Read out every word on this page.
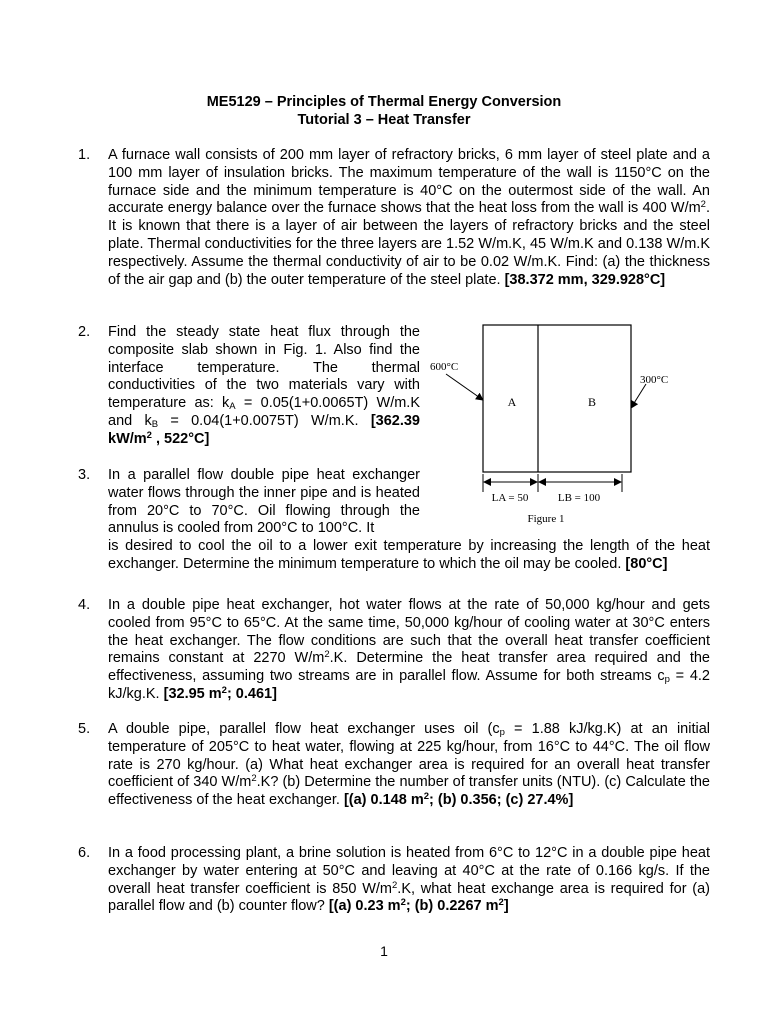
ME5129 – Principles of Thermal Energy Conversion
Tutorial 3 – Heat Transfer
1. A furnace wall consists of 200 mm layer of refractory bricks, 6 mm layer of steel plate and a 100 mm layer of insulation bricks. The maximum temperature of the wall is 1150°C on the furnace side and the minimum temperature is 40°C on the outermost side of the wall. An accurate energy balance over the furnace shows that the heat loss from the wall is 400 $W/m^2$. It is known that there is a layer of air between the layers of refractory bricks and the steel plate. Thermal conductivities for the three layers are 1.52 W/m.K, 45 W/m.K and 0.138 W/m.K respectively. Assume the thermal conductivity of air to be 0.02 W/m.K. Find: (a) the thickness of the air gap and (b) the outer temperature of the steel plate. [38.372 mm, 329.928°C]
2. Find the steady state heat flux through the composite slab shown in Fig. 1. Also find the interface temperature. The thermal conductivities of the two materials vary with temperature as: $k_A = 0.05(1+0.0065T)$ W/m.K and $k_B = 0.04(1+0.0075T)$ W/m.K. [362.39 $kW/m^2$ , 522°C]
3. In a parallel flow double pipe heat exchanger water flows through the inner pipe and is heated from 20°C to 70°C. Oil flowing through the annulus is cooled from 200°C to 100°C. It
is desired to cool the oil to a lower exit temperature by increasing the length of the heat exchanger. Determine the minimum temperature to which the oil may be cooled. [80°C]
4. In a double pipe heat exchanger, hot water flows at the rate of 50,000 kg/hour and gets cooled from 95°C to 65°C. At the same time, 50,000 kg/hour of cooling water at 30°C enters the heat exchanger. The flow conditions are such that the overall heat transfer coefficient remains constant at 2270 $W/m^2.K$. Determine the heat transfer area required and the effectiveness, assuming two streams are in parallel flow. Assume for both streams $c_p = 4.2$ kJ/kg.K. [32.95 $m^2$; 0.461]
5. A double pipe, parallel flow heat exchanger uses oil ($c_p = 1.88$ kJ/kg.K) at an initial temperature of 205°C to heat water, flowing at 225 kg/hour, from 16°C to 44°C. The oil flow rate is 270 kg/hour. (a) What heat exchanger area is required for an overall heat transfer coefficient of 340 $W/m^2.K$? (b) Determine the number of transfer units (NTU). (c) Calculate the effectiveness of the heat exchanger. [(a) 0.148 $m^2$; (b) 0.356; (c) 27.4%]
6. In a food processing plant, a brine solution is heated from 6°C to 12°C in a double pipe heat exchanger by water entering at 50°C and leaving at 40°C at the rate of 0.166 kg/s. If the overall heat transfer coefficient is 850 $W/m^2.K$, what heat exchange area is required for (a) parallel flow and (b) counter flow? [(a) 0.23 $m^2$; (b) 0.2267 $m^2$]
600°C
300°C
A	B
LA = 50	LB = 100
Figure 1
1
